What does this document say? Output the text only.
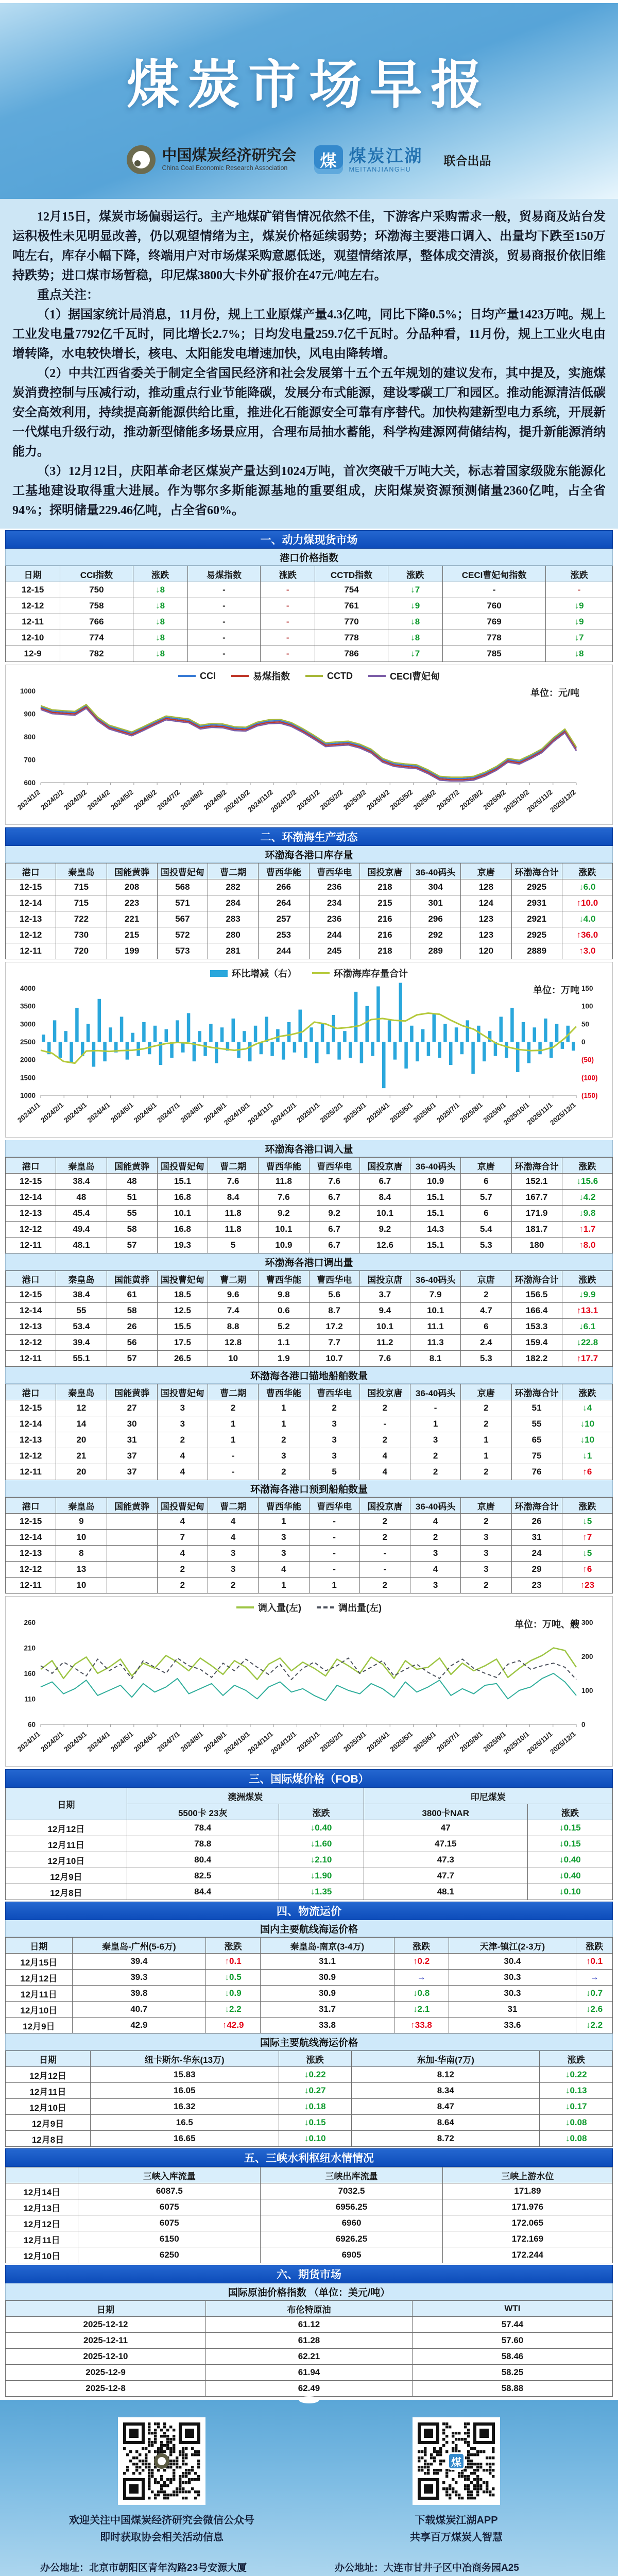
煤炭市场早报
中国煤炭经济研究会
China Coal Economic Research Association 煤 煤炭江湖
MEITANJIANGHU
联合出品

12月15日，煤炭市场偏弱运行。主产地煤矿销售情况依然不佳，下游客户采购需求一般，贸易商及站台发运积极性未见明显改善，仍以观望情绪为主，煤炭价格延续弱势；环渤海主要港口调入、出量均下跌至150万吨左右，库存小幅下降，终端用户对市场煤采购意愿低迷，观望情绪浓厚，整体成交清淡，贸易商报价依旧维持跌势；进口煤市场暂稳，印尼煤3800大卡外矿报价在47元/吨左右。

重点关注：

（1）据国家统计局消息，11月份，规上工业原煤产量4.3亿吨，同比下降0.5%；日均产量1423万吨。规上工业发电量7792亿千瓦时，同比增长2.7%；日均发电量259.7亿千瓦时。分品种看，11月份，规上工业火电由增转降，水电较快增长，核电、太阳能发电增速加快，风电由降转增。

（2）中共江西省委关于制定全省国民经济和社会发展第十五个五年规划的建议发布，其中提及，实施煤炭消费控制与压减行动，推动重点行业节能降碳，发展分布式能源，建设零碳工厂和园区。推动能源清洁低碳安全高效利用，持续提高新能源供给比重，推进化石能源安全可靠有序替代。加快构建新型电力系统，开展新一代煤电升级行动，推动新型储能多场景应用，合理布局抽水蓄能，科学构建源网荷储结构，提升新能源消纳能力。

（3）12月12日，庆阳革命老区煤炭产量达到1024万吨，首次突破千万吨大关，标志着国家级陇东能源化工基地建设取得重大进展。作为鄂尔多斯能源基地的重要组成，庆阳煤炭资源预测储量2360亿吨，占全省94%；探明储量229.46亿吨，占全省60%。

一、动力煤现货市场
港口价格指数
日期	CCI指数	涨跌	易煤指数	涨跌	CCTD指数	涨跌	CECI曹妃甸指数	涨跌
12-15	750	↓8	-	-	754	↓7	-	-
12-12	758	↓8	-	-	761	↓9	760	↓9
12-11	766	↓8	-	-	770	↓8	769	↓9
12-10	774	↓8	-	-	778	↓8	778	↓7
12-9	782	↓8	-	-	786	↓7	785	↓8
CCI	易煤指数	CCTD	CECI曹妃甸
单位：元/吨
1000
900
800
700
600
2024/1/2
2024/2/2
2024/3/2
2024/4/2
2024/5/2
2024/6/2
2024/7/2
2024/8/2
2024/9/2
2024/10/2
2024/11/2
2024/12/2
2025/1/2
2025/2/2
2025/3/2
2025/4/2
2025/5/2
2025/6/2
2025/7/2
2025/8/2
2025/9/2
2025/10/2
2025/11/2
2025/12/2
二、环渤海生产动态
环渤海各港口库存量
港口	秦皇岛	国能黄骅	国投曹妃甸	曹二期	曹西华能	曹西华电	国投京唐	36-40码头	京唐	环渤海合计	涨跌
12-15	715	208	568	282	266	236	218	304	128	2925	↓6.0
12-14	715	223	571	284	264	234	215	301	124	2931	↑10.0
12-13	722	221	567	283	257	236	216	296	123	2921	↓4.0
12-12	730	215	572	280	253	244	216	292	123	2925	↑36.0
12-11	720	199	573	281	244	245	218	289	120	2889	↑3.0
环比增减（右）	环渤海库存量合计
单位：万吨
4000
3500
3000
2500
2000
1500
1000
150
100
50
0
(50)
(100)
(150)
2024/1/1
2024/2/1
2024/3/1
2024/4/1
2024/5/1
2024/6/1
2024/7/1
2024/8/1
2024/9/1
2024/10/1
2024/11/1
2024/12/1
2025/1/1
2025/2/1
2025/3/1
2025/4/1
2025/5/1
2025/6/1
2025/7/1
2025/8/1
2025/9/1
2025/10/1
2025/11/1
2025/12/1
环渤海各港口调入量
港口	秦皇岛	国能黄骅	国投曹妃甸	曹二期	曹西华能	曹西华电	国投京唐	36-40码头	京唐	环渤海合计	涨跌
12-15	38.4	48	15.1	7.6	11.8	7.6	6.7	10.9	6	152.1	↓15.6
12-14	48	51	16.8	8.4	7.6	6.7	8.4	15.1	5.7	167.7	↓4.2
12-13	45.4	55	10.1	11.8	9.2	9.2	10.1	15.1	6	171.9	↓9.8
12-12	49.4	58	16.8	11.8	10.1	6.7	9.2	14.3	5.4	181.7	↑1.7
12-11	48.1	57	19.3	5	10.9	6.7	12.6	15.1	5.3	180	↑8.0
环渤海各港口调出量
港口	秦皇岛	国能黄骅	国投曹妃甸	曹二期	曹西华能	曹西华电	国投京唐	36-40码头	京唐	环渤海合计	涨跌
12-15	38.4	61	18.5	9.6	9.8	5.6	3.7	7.9	2	156.5	↓9.9
12-14	55	58	12.5	7.4	0.6	8.7	9.4	10.1	4.7	166.4	↑13.1
12-13	53.4	26	15.5	8.8	5.2	17.2	10.1	11.1	6	153.3	↓6.1
12-12	39.4	56	17.5	12.8	1.1	7.7	11.2	11.3	2.4	159.4	↓22.8
12-11	55.1	57	26.5	10	1.9	10.7	7.6	8.1	5.3	182.2	↑17.7
环渤海各港口锚地船舶数量
港口	秦皇岛	国能黄骅	国投曹妃甸	曹二期	曹西华能	曹西华电	国投京唐	36-40码头	京唐	环渤海合计	涨跌
12-15	12	27	3	2	1	2	2	-	2	51	↓4
12-14	14	30	3	1	1	3	-	1	2	55	↓10
12-13	20	31	2	1	2	3	2	3	1	65	↓10
12-12	21	37	4	-	3	3	4	2	1	75	↓1
12-11	20	37	4	-	2	5	4	2	2	76	↑6
环渤海各港口预到船舶数量
港口	秦皇岛	国能黄骅	国投曹妃甸	曹二期	曹西华能	曹西华电	国投京唐	36-40码头	京唐	环渤海合计	涨跌
12-15	9		4	4	1	-	2	4	2	26	↓5
12-14	10		7	4	3	-	2	2	3	31	↑7
12-13	8		4	3	3	-	-	3	3	24	↓5
12-12	13		2	3	4	-	-	4	3	29	↑6
12-11	10		2	2	1	1	2	3	2	23	↑23
调入量(左)	调出量(左)
单位：万吨、艘
260
210
160
110
60
300
200
100
0
2024/1/1
2024/2/1
2024/3/1
2024/4/1
2024/5/1
2024/6/1
2024/7/1
2024/8/1
2024/9/1
2024/10/1
2024/11/1
2024/12/1
2025/1/1
2025/2/1
2025/3/1
2025/4/1
2025/5/1
2025/6/1
2025/7/1
2025/8/1
2025/9/1
2025/10/1
2025/11/1
2025/12/1
三、国际煤价格（FOB）
日期	澳洲煤炭		印尼煤炭	
	5500卡 23灰	涨跌	3800卡NAR	涨跌
12月12日	78.4	↓0.40	47	↓0.15
12月11日	78.8	↓1.60	47.15	↓0.15
12月10日	80.4	↓2.10	47.3	↓0.40
12月9日	82.5	↓1.90	47.7	↓0.40
12月8日	84.4	↓1.35	48.1	↓0.10
四、物流运价
国内主要航线海运价格
日期	秦皇岛-广州(5-6万)	涨跌	秦皇岛-南京(3-4万)	涨跌	天津-镇江(2-3万)	涨跌
12月15日	39.4	↑0.1	31.1	↑0.2	30.4	↑0.1
12月12日	39.3	↓0.5	30.9	→	30.3	→
12月11日	39.8	↓0.9	30.9	↓0.8	30.3	↓0.7
12月10日	40.7	↓2.2	31.7	↓2.1	31	↓2.6
12月9日	42.9	↑42.9	33.8	↑33.8	33.6	↓2.2
国际主要航线海运价格
日期	纽卡斯尔-华东(13万)	涨跌	东加-华南(7万)	涨跌
12月12日	15.83	↓0.22	8.12	↓0.22
12月11日	16.05	↓0.27	8.34	↓0.13
12月10日	16.32	↓0.18	8.47	↓0.17
12月9日	16.5	↓0.15	8.64	↓0.08
12月8日	16.65	↓0.10	8.72	↓0.08
五、三峡水利枢纽水情情况
	三峡入库流量	三峡出库流量	三峡上游水位
12月14日	6087.5	7032.5	171.89
12月13日	6075	6956.25	171.976
12月12日	6075	6960	172.065
12月11日	6150	6926.25	172.169
12月10日	6250	6905	172.244
六、期货市场
国际原油价格指数 （单位：美元/吨）
日期	布伦特原油	WTI
2025-12-12	61.12	57.44
2025-12-11	61.28	57.60
2025-12-10	62.21	58.46
2025-12-9	61.94	58.25
2025-12-8	62.49	58.88
欢迎关注中国煤炭经济研究会微信公众号
即时获取协会相关活动信息
办公地址：北京市朝阳区青年沟路23号安源大厦
煤
下载煤炭江湖APP
共享百万煤炭人智慧
办公地址：大连市甘井子区中冶商务园A25
